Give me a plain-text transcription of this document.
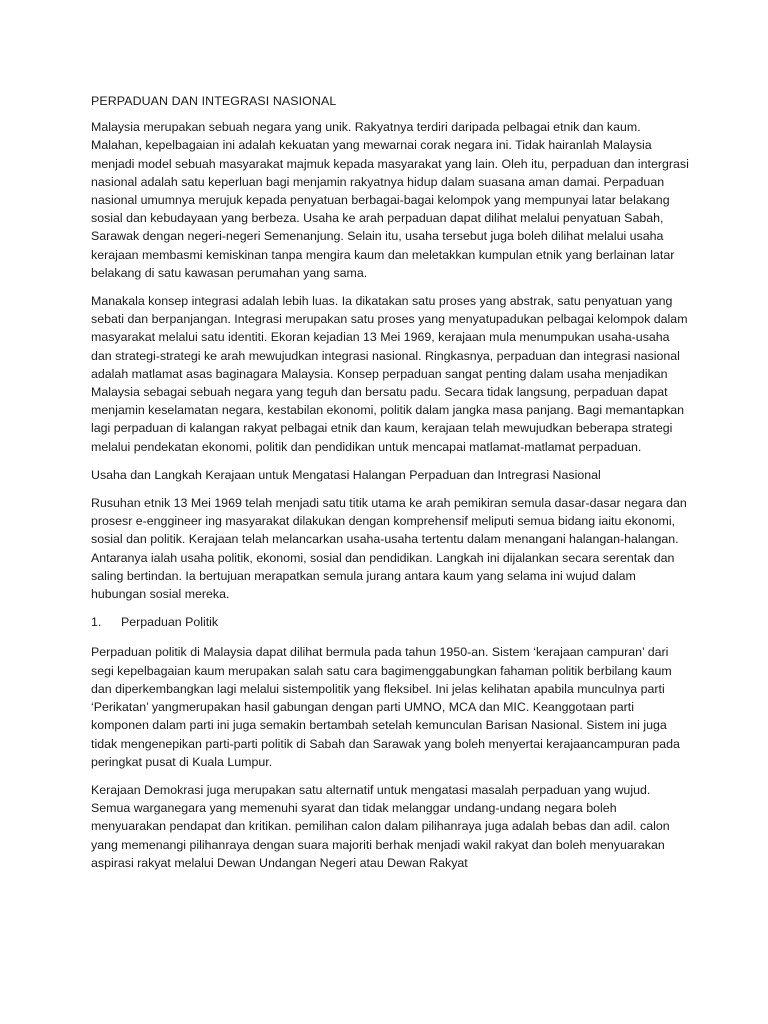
PERPADUAN DAN INTEGRASI NASIONAL

Malaysia merupakan sebuah negara yang unik. Rakyatnya terdiri daripada pelbagai etnik dan kaum. Malahan, kepelbagaian ini adalah kekuatan yang mewarnai corak negara ini. Tidak hairanlah Malaysia menjadi model sebuah masyarakat majmuk kepada masyarakat yang lain. Oleh itu, perpaduan dan intergrasi nasional adalah satu keperluan bagi menjamin rakyatnya hidup dalam suasana aman damai. Perpaduan nasional umumnya merujuk kepada penyatuan berbagai-bagai kelompok yang mempunyai latar belakang sosial dan kebudayaan yang berbeza. Usaha ke arah perpaduan dapat dilihat melalui penyatuan Sabah, Sarawak dengan negeri-negeri Semenanjung. Selain itu, usaha tersebut juga boleh dilihat melalui usaha kerajaan membasmi kemiskinan tanpa mengira kaum dan meletakkan kumpulan etnik yang berlainan latar belakang di satu kawasan perumahan yang sama.

Manakala konsep integrasi adalah lebih luas. Ia dikatakan satu proses yang abstrak, satu penyatuan yang sebati dan berpanjangan. Integrasi merupakan satu proses yang menyatupadukan pelbagai kelompok dalam masyarakat melalui satu identiti. Ekoran kejadian 13 Mei 1969, kerajaan mula menumpukan usaha-usaha dan strategi-strategi ke arah mewujudkan integrasi nasional. Ringkasnya, perpaduan dan integrasi nasional adalah matlamat asas baginagara Malaysia. Konsep perpaduan sangat penting dalam usaha menjadikan Malaysia sebagai sebuah negara yang teguh dan bersatu padu. Secara tidak langsung, perpaduan dapat menjamin keselamatan negara, kestabilan ekonomi, politik dalam jangka masa panjang. Bagi memantapkan lagi perpaduan di kalangan rakyat pelbagai etnik dan kaum, kerajaan telah mewujudkan beberapa strategi melalui pendekatan ekonomi, politik dan pendidikan untuk mencapai matlamat-matlamat perpaduan.

Usaha dan Langkah Kerajaan untuk Mengatasi Halangan Perpaduan dan Intregrasi Nasional

Rusuhan etnik 13 Mei 1969 telah menjadi satu titik utama ke arah pemikiran semula dasar-dasar negara dan prosesr e-enggineer ing masyarakat dilakukan dengan komprehensif meliputi semua bidang iaitu ekonomi, sosial dan politik. Kerajaan telah melancarkan usaha-usaha tertentu dalam menangani halangan-halangan. Antaranya ialah usaha politik, ekonomi, sosial dan pendidikan. Langkah ini dijalankan secara serentak dan saling bertindan. Ia bertujuan merapatkan semula jurang antara kaum yang selama ini wujud dalam hubungan sosial mereka.

1.	Perpaduan Politik

Perpaduan politik di Malaysia dapat dilihat bermula pada tahun 1950-an. Sistem ‘kerajaan campuran’ dari segi kepelbagaian kaum merupakan salah satu cara bagimenggabungkan fahaman politik berbilang kaum dan diperkembangkan lagi melalui sistempolitik yang fleksibel. Ini jelas kelihatan apabila munculnya parti ‘Perikatan’ yangmerupakan hasil gabungan dengan parti UMNO, MCA dan MIC. Keanggotaan parti komponen dalam parti ini juga semakin bertambah setelah kemunculan Barisan Nasional. Sistem ini juga tidak mengenepikan parti-parti politik di Sabah dan Sarawak yang boleh menyertai kerajaancampuran pada peringkat pusat di Kuala Lumpur.

Kerajaan Demokrasi juga merupakan satu alternatif untuk mengatasi masalah perpaduan yang wujud. Semua warganegara yang memenuhi syarat dan tidak melanggar undang-undang negara boleh menyuarakan pendapat dan kritikan. pemilihan calon dalam pilihanraya juga adalah bebas dan adil. calon yang memenangi pilihanraya dengan suara majoriti berhak menjadi wakil rakyat dan boleh menyuarakan aspirasi rakyat melalui Dewan Undangan Negeri atau Dewan Rakyat
